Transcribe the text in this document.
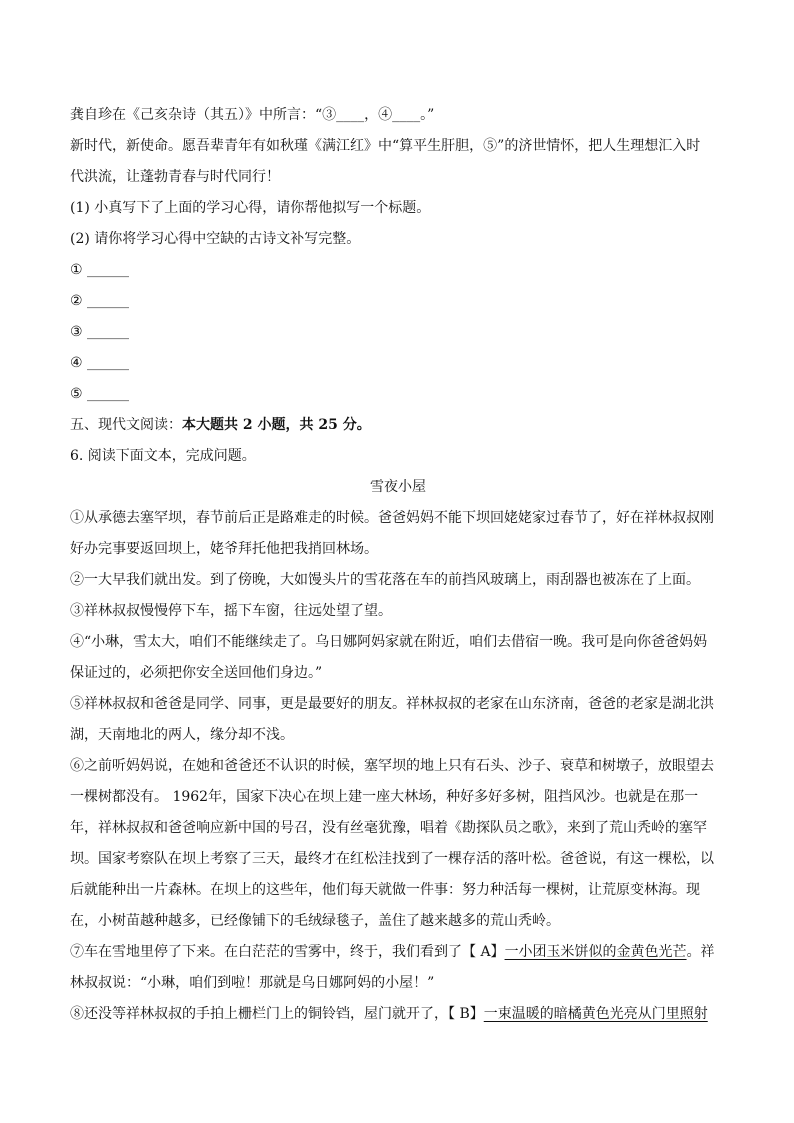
龚自珍在《己亥杂诗（其五）》中所言：“③____，④____。”
新时代，新使命。愿吾辈青年有如秋瑾《满江红》中“算平生肝胆，⑤”的济世情怀，把人生理想汇入时
代洪流，让蓬勃青春与时代同行！
(1) 小真写下了上面的学习心得，请你帮他拟写一个标题。
(2) 请你将学习心得中空缺的古诗文补写完整。
① ______
② ______
③ ______
④ ______
⑤ ______
五、现代文阅读：本大题共 2 小题，共 25 分。
6. 阅读下面文本，完成问题。
雪夜小屋
①从承德去塞罕坝，春节前后正是路难走的时候。爸爸妈妈不能下坝回姥姥家过春节了，好在祥林叔叔刚
好办完事要返回坝上，姥爷拜托他把我捎回林场。
②一大早我们就出发。到了傍晚，大如馒头片的雪花落在车的前挡风玻璃上，雨刮器也被冻在了上面。
③祥林叔叔慢慢停下车，摇下车窗，往远处望了望。
④“小琳，雪太大，咱们不能继续走了。乌日娜阿妈家就在附近，咱们去借宿一晚。我可是向你爸爸妈妈
保证过的，必须把你安全送回他们身边。”
⑤祥林叔叔和爸爸是同学、同事，更是最要好的朋友。祥林叔叔的老家在山东济南，爸爸的老家是湖北洪
湖，天南地北的两人，缘分却不浅。
⑥之前听妈妈说，在她和爸爸还不认识的时候，塞罕坝的地上只有石头、沙子、衰草和树墩子，放眼望去
一棵树都没有。 1962年，国家下决心在坝上建一座大林场，种好多好多树，阻挡风沙。也就是在那一
年，祥林叔叔和爸爸响应新中国的号召，没有丝毫犹豫，唱着《勘探队员之歌》，来到了荒山秃岭的塞罕
坝。国家考察队在坝上考察了三天，最终才在红松洼找到了一棵存活的落叶松。爸爸说，有这一棵松，以
后就能种出一片森林。在坝上的这些年，他们每天就做一件事：努力种活每一棵树，让荒原变林海。现
在，小树苗越种越多，已经像铺下的毛绒绿毯子，盖住了越来越多的荒山秃岭。
⑦车在雪地里停了下来。在白茫茫的雪雾中，终于，我们看到了【 A】一小团玉米饼似的金黄色光芒。祥
林叔叔说：“小琳，咱们到啦！那就是乌日娜阿妈的小屋！”
⑧还没等祥林叔叔的手拍上栅栏门上的铜铃铛，屋门就开了，【 B】一束温暖的暗橘黄色光亮从门里照射
